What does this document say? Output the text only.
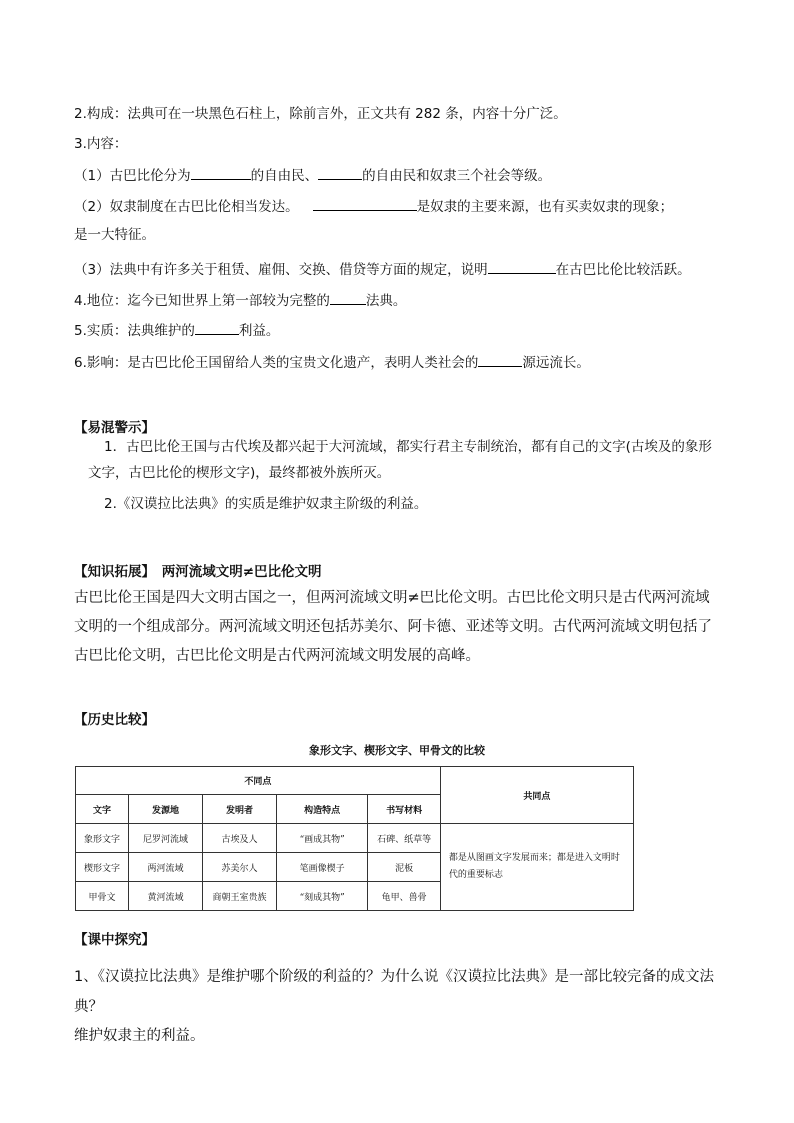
2.构成：法典可在一块黑色石柱上，除前言外，正文共有 282 条，内容十分广泛。
3.内容：
（1）古巴比伦分为	的自由民、	的自由民和奴隶三个社会等级。
（2）奴隶制度在古巴比伦相当发达。	是奴隶的主要来源，也有买卖奴隶的现象；
是一大特征。
（3）法典中有许多关于租赁、雇佣、交换、借贷等方面的规定，说明	在古巴比伦比较活跃。
4.地位：迄今已知世界上第一部较为完整的	法典。
5.实质：法典维护的	利益。
6.影响：是古巴比伦王国留给人类的宝贵文化遗产，表明人类社会的	源远流长。
【易混警示】
1．古巴比伦王国与古代埃及都兴起于大河流域，都实行君主专制统治，都有自己的文字(古埃及的象形文字，古巴比伦的楔形文字)，最终都被外族所灭。
2.《汉谟拉比法典》的实质是维护奴隶主阶级的利益。
【知识拓展】　两河流域文明≠巴比伦文明
古巴比伦王国是四大文明古国之一，但两河流域文明≠巴比伦文明。古巴比伦文明只是古代两河流域文明的一个组成部分。两河流域文明还包括苏美尔、阿卡德、亚述等文明。古代两河流域文明包括了古巴比伦文明，古巴比伦文明是古代两河流域文明发展的高峰。
【历史比较】
象形文字、楔形文字、甲骨文的比较
不同点					共同点
文字	发源地	发明者	构造特点	书写材料	
象形文字	尼罗河流域	古埃及人	“画成其物”	石碑、纸草等	都是从图画文字发展而来；都是进入文明时代的重要标志
楔形文字	两河流域	苏美尔人	笔画像楔子	泥板	
甲骨文	黄河流域	商朝王室贵族	“刻成其物”	龟甲、兽骨	
【课中探究】
1、《汉谟拉比法典》是维护哪个阶级的利益的？为什么说《汉谟拉比法典》是一部比较完备的成文法典？
维护奴隶主的利益。
